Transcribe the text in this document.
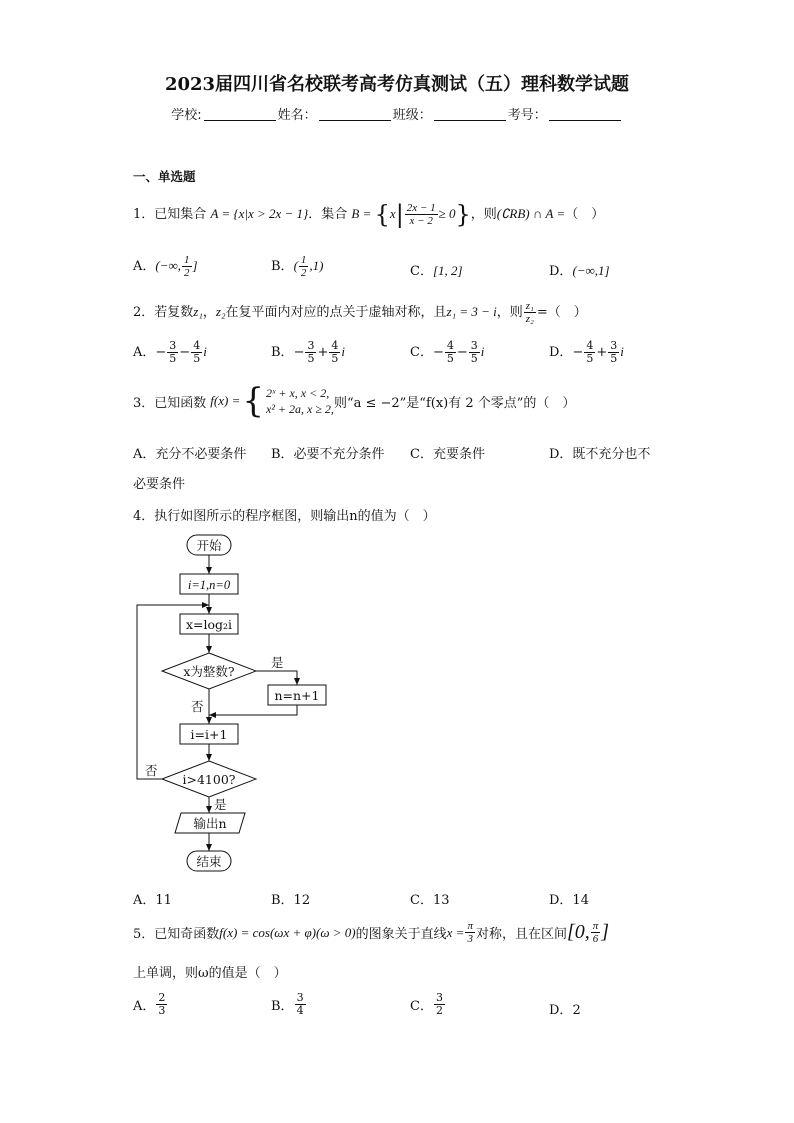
2023届四川省名校联考高考仿真测试（五）理科数学试题
学校:	姓名：	班级：	考号：
一、单选题
1．已知集合 A = {x|x > 2x − 1}．集合 $B = \{x| \frac{2x - 1}{x - 2} \ge 0\}$，则(∁RB) ∩ A =（　）
A．(−∞, $\frac{1}{2}$ ]	B．( $\frac{1}{2} ,1$)	C．[1, 2]	D．(−∞,1]
2．若复数z₁，z₂在复平面内对应的点关于虚轴对称，且z₁ = 3 − i，则 $\frac{\text{z₁}}{\text{z₂}}$ =（　）
A．− $\frac{3}{5} - \frac{4}{5}$ i	B．− $\frac{3}{5} + \frac{4}{5}$ i	C．− $\frac{4}{5} - \frac{3}{5}$ i	D．− $\frac{4}{5} + \frac{3}{5}$ i
3． 已知函数 f(x) = { 2ˣ + x, x < 2,
x² + 2a, x ≥ 2, 则“a ≤ −2”是“f(x)有 2 个零点”的（　）
A．充分不必要条件 B．必要不充分条件 C．充要条件	D．既不充分也不
必要条件
4．执行如图所示的程序框图，则输出n的值为（　）
开始
i=1,n=0
x=log₂i
x为整数?
是
n=n+1
否
i=i+1
i>4100?
否
是
输出n
结束
A．11	B．12	C．13	D．14
5． 已知奇函数 f(x) = cos(ωx + φ)(ω > 0) 的图象关于直线 $x = \frac{\pi}{3}$ 对称，且在区间 [0, $\frac{\pi}{6}$ ]
上单调，则ω的值是（　）
A． $\frac{2}{3}$	B． $\frac{3}{4}$	C． $\frac{3}{2}$	D．2
